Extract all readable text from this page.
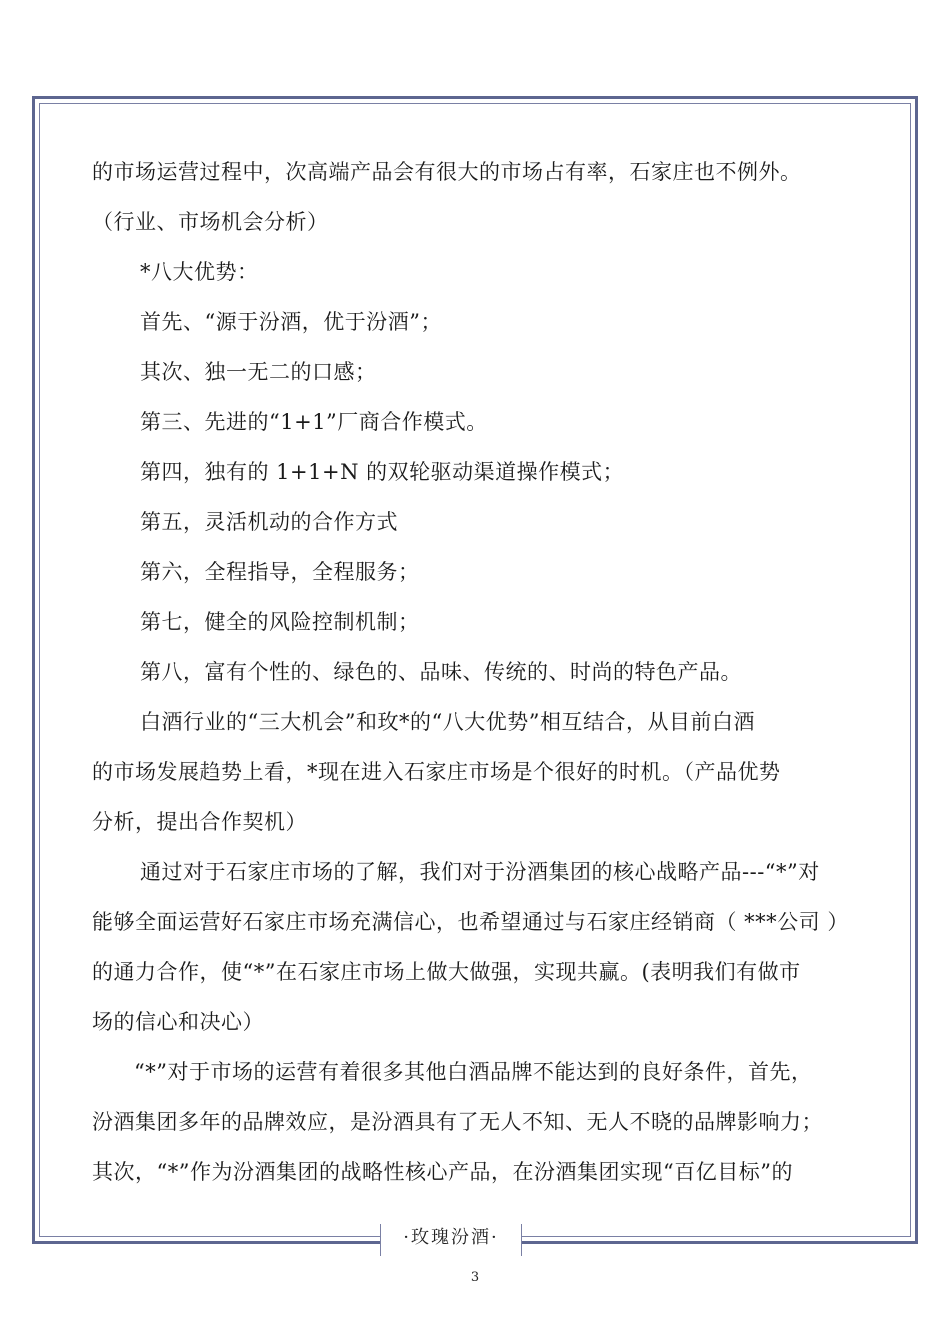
的市场运营过程中，次高端产品会有很大的市场占有率，石家庄也不例外。
（行业、市场机会分析）
*八大优势：
首先、“源于汾酒，优于汾酒”；
其次、独一无二的口感；
第三、先进的“1+1”厂商合作模式。
第四，独有的 1+1+N 的双轮驱动渠道操作模式；
第五，灵活机动的合作方式
第六，全程指导，全程服务；
第七，健全的风险控制机制；
第八，富有个性的、绿色的、品味、传统的、时尚的特色产品。
白酒行业的“三大机会”和玫*的“八大优势”相互结合，从目前白酒
的市场发展趋势上看，*现在进入石家庄市场是个很好的时机。（产品优势
分析，提出合作契机）
通过对于石家庄市场的了解，我们对于汾酒集团的核心战略产品---“*”对
能够全面运营好石家庄市场充满信心，也希望通过与石家庄经销商（ ***公司 ）
的通力合作，使“*”在石家庄市场上做大做强，实现共赢。(表明我们有做市
场的信心和决心）
“*”对于市场的运营有着很多其他白酒品牌不能达到的良好条件，首先，
汾酒集团多年的品牌效应，是汾酒具有了无人不知、无人不晓的品牌影响力；
其次，“*”作为汾酒集团的战略性核心产品，在汾酒集团实现“百亿目标”的
·玫瑰汾酒·
3
